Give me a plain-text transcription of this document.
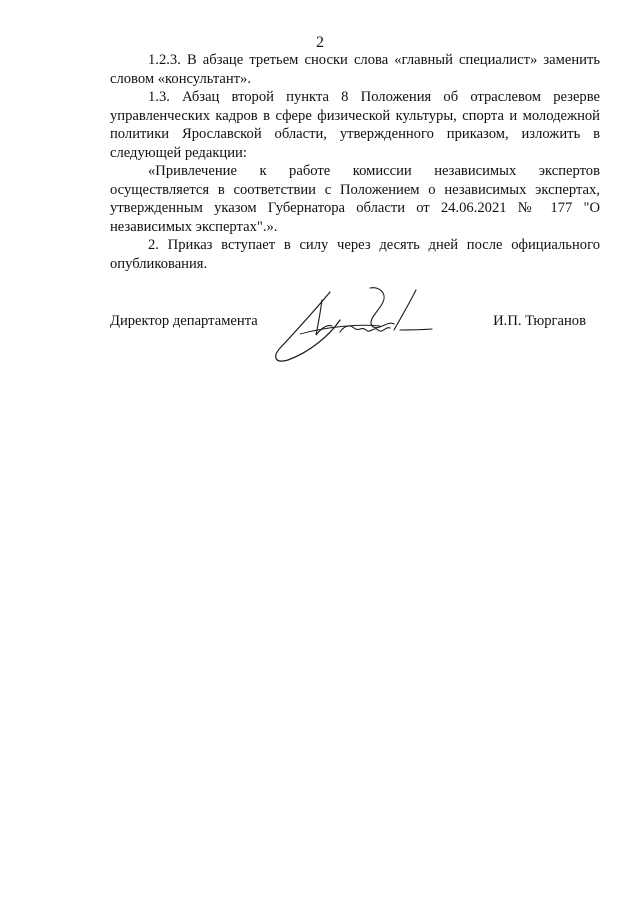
2

1.2.3. В абзаце третьем сноски слова «главный специалист» заменить словом «консультант».

1.3. Абзац второй пункта 8 Положения об отраслевом резерве управленческих кадров в сфере физической культуры, спорта и молодежной политики Ярославской области, утвержденного приказом, изложить в следующей редакции:

«Привлечение к работе комиссии независимых экспертов осуществляется в соответствии с Положением о независимых экспертах, утвержденным указом Губернатора области от 24.06.2021 № 177 "О независимых экспертах".».

2. Приказ вступает в силу через десять дней после официального опубликования.

Директор департамента	И.П. Тюрганов
